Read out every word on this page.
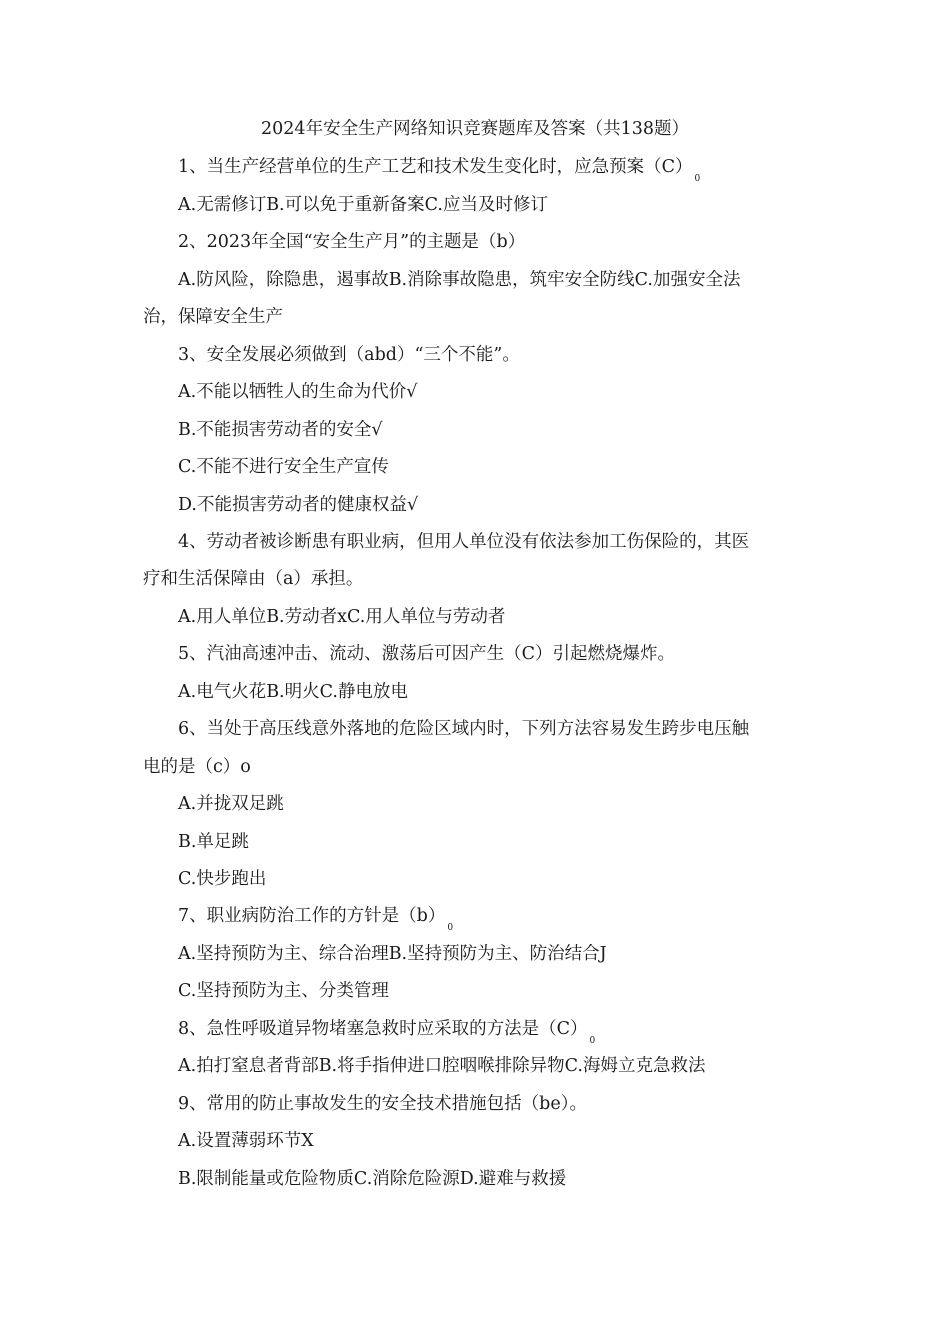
2024年安全生产网络知识竞赛题库及答案（共138题）
1、当生产经营单位的生产工艺和技术发生变化时，应急预案$(C)_0$
A.无需修订B.可以免于重新备案C.应当及时修订
2、2023年全国“安全生产月”的主题是（b）
A.防风险，除隐患，遏事故B.消除事故隐患，筑牢安全防线C.加强安全法
治，保障安全生产
3、安全发展必须做到（abd）“三个不能”。
A.不能以牺牲人的生命为代价√
B.不能损害劳动者的安全√
C.不能不进行安全生产宣传
D.不能损害劳动者的健康权益√
4、劳动者被诊断患有职业病，但用人单位没有依法参加工伤保险的，其医
疗和生活保障由（a）承担。
A.用人单位B.劳动者xC.用人单位与劳动者
5、汽油高速冲击、流动、激荡后可因产生（C）引起燃烧爆炸。
A.电气火花B.明火C.静电放电
6、当处于高压线意外落地的危险区域内时，下列方法容易发生跨步电压触
电的是（c）o
A.并拢双足跳
B.单足跳
C.快步跑出
7、职业病防治工作的方针是$(b)_0$
A.坚持预防为主、综合治理B.坚持预防为主、防治结合J
C.坚持预防为主、分类管理
8、急性呼吸道异物堵塞急救时应采取的方法是$(C)_0$
A.拍打窒息者背部B.将手指伸进口腔咽喉排除异物C.海姆立克急救法
9、常用的防止事故发生的安全技术措施包括（be）。
A.设置薄弱环节X
B.限制能量或危险物质C.消除危险源D.避难与救援
